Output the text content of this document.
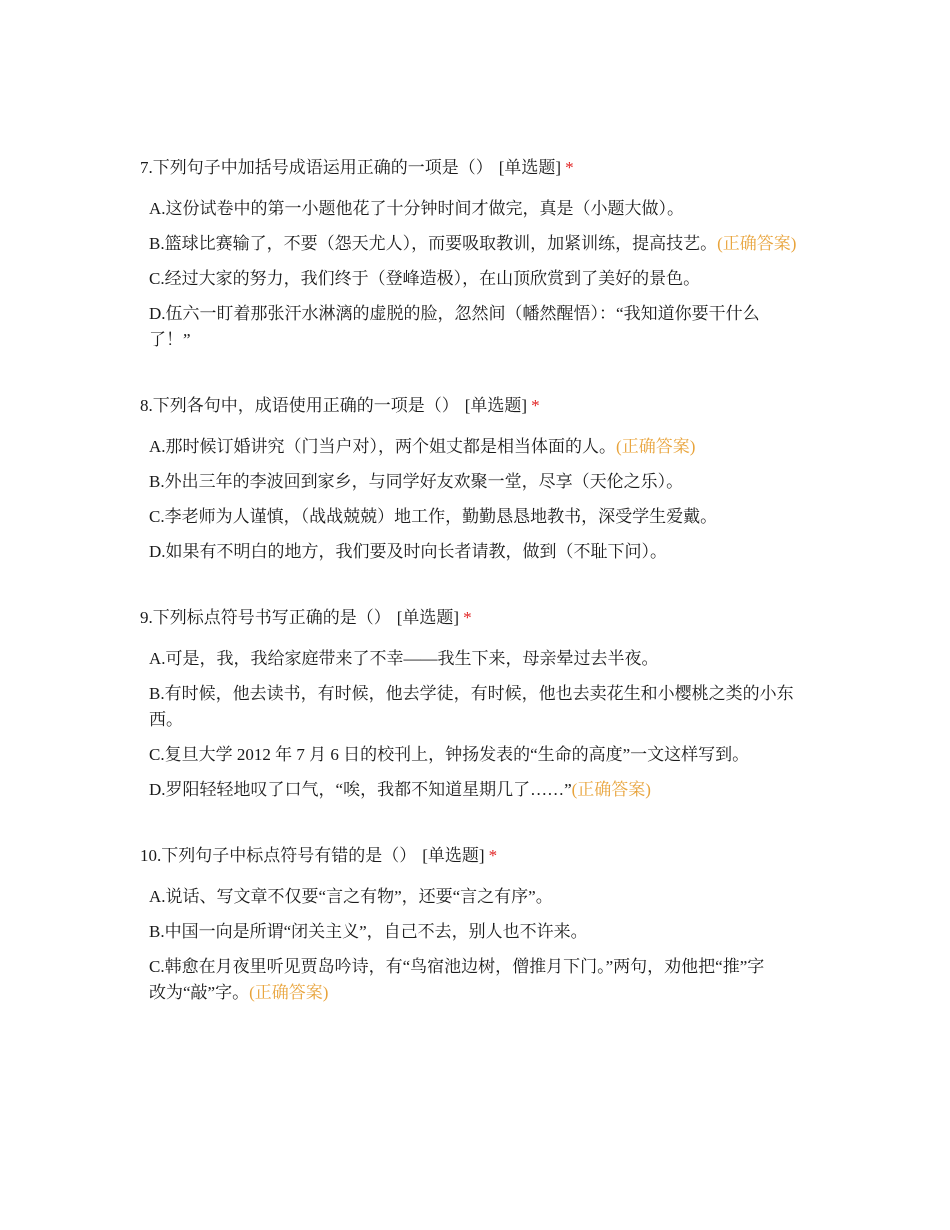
7.下列句子中加括号成语运用正确的一项是（） [单选题] *

A.这份试卷中的第一小题他花了十分钟时间才做完，真是（小题大做）。
B.篮球比赛输了，不要（怨天尤人），而要吸取教训，加紧训练，提高技艺。(正确答案)
C.经过大家的努力，我们终于（登峰造极），在山顶欣赏到了美好的景色。
D.伍六一盯着那张汗水淋漓的虚脱的脸，忽然间（幡然醒悟）：“我知道你要干什么了！”

8.下列各句中，成语使用正确的一项是（） [单选题] *

A.那时候订婚讲究（门当户对），两个姐丈都是相当体面的人。(正确答案)
B.外出三年的李波回到家乡，与同学好友欢聚一堂，尽享（天伦之乐）。
C.李老师为人谨慎，（战战兢兢）地工作，勤勤恳恳地教书，深受学生爱戴。
D.如果有不明白的地方，我们要及时向长者请教，做到（不耻下问）。

9.下列标点符号书写正确的是（） [单选题] *

A.可是，我，我给家庭带来了不幸——我生下来，母亲晕过去半夜。
B.有时候，他去读书，有时候，他去学徒，有时候，他也去卖花生和小樱桃之类的小东西。
C.复旦大学 2012 年 7 月 6 日的校刊上，钟扬发表的“生命的高度”一文这样写到。
D.罗阳轻轻地叹了口气，“唉，我都不知道星期几了……”(正确答案)

10.下列句子中标点符号有错的是（） [单选题] *

A.说话、写文章不仅要“言之有物”，还要“言之有序”。
B.中国一向是所谓“闭关主义”，自己不去，别人也不许来。
C.韩愈在月夜里听见贾岛吟诗，有“鸟宿池边树，僧推月下门。”两句，劝他把“推”字改为“敲”字。(正确答案)
